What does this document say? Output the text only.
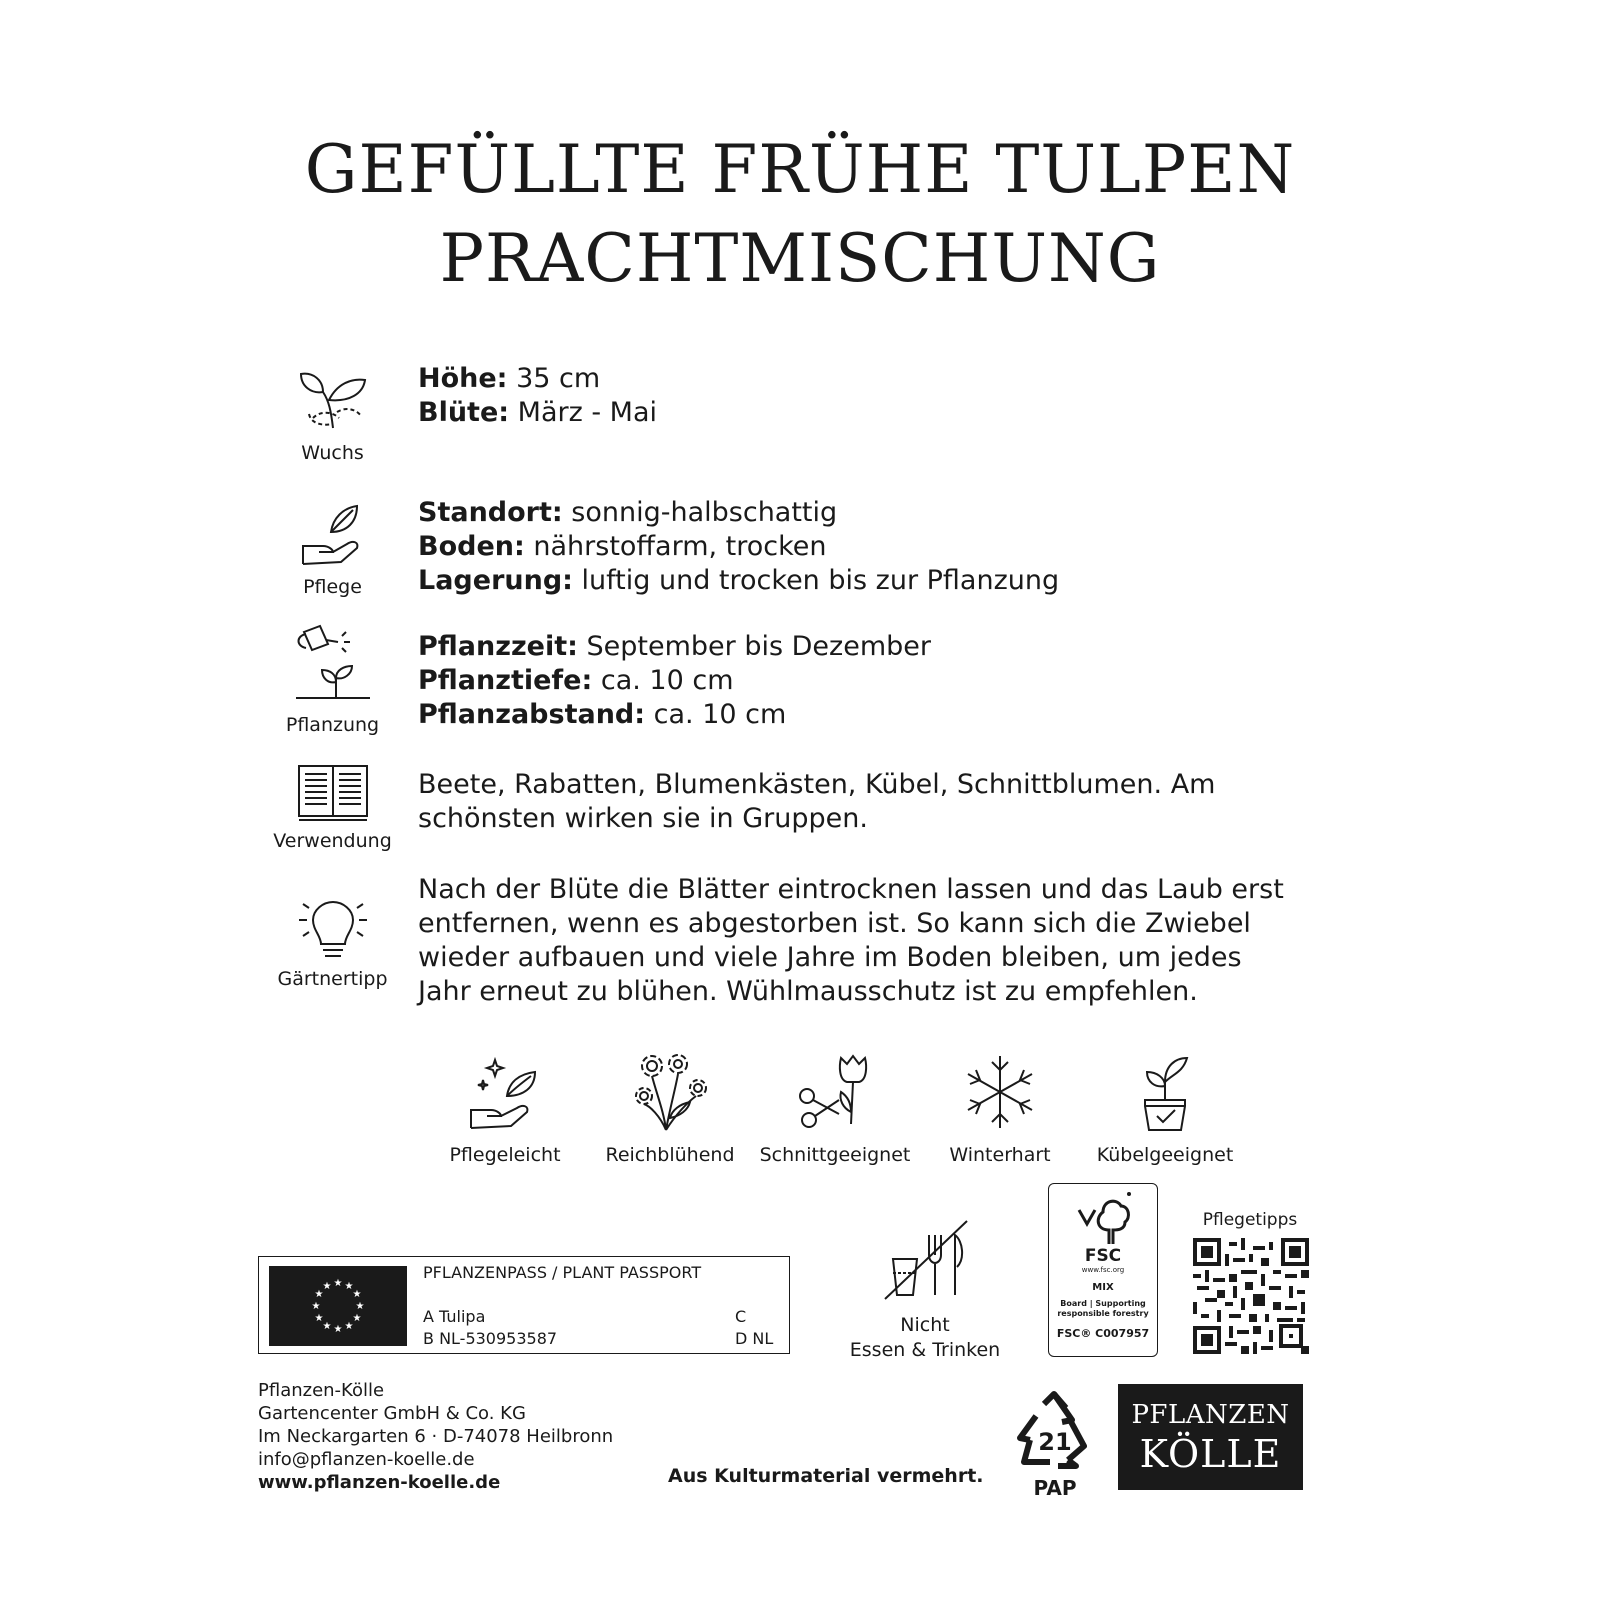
GEFÜLLTE FRÜHE TULPEN
PRACHTMISCHUNG
Wuchs
Höhe: 35 cm
Blüte: März - Mai
Pflege
Standort: sonnig-halbschattig
Boden: nährstoffarm, trocken
Lagerung: luftig und trocken bis zur Pflanzung
Pflanzung
Pflanzzeit: September bis Dezember
Pflanztiefe: ca. 10 cm
Pflanzabstand: ca. 10 cm
Verwendung
Beete, Rabatten, Blumenkästen, Kübel, Schnittblumen. Am schönsten wirken sie in Gruppen.
Gärtnertipp
Nach der Blüte die Blätter eintrocknen lassen und das Laub erst entfernen, wenn es abgestorben ist. So kann sich die Zwiebel wieder aufbauen und viele Jahre im Boden bleiben, um jedes Jahr erneut zu blühen. Wühlmausschutz ist zu empfehlen.
Pflegeleicht	Reichblühend	Schnittgeeignet	Winterhart	Kübelgeeignet
★ ★
★
★
★
★
★
★
★
★
★
★
PFLANZENPASS / PLANT PASSPORT
A Tulipa
B NL-530953587
C
D NL
Nicht
Essen & Trinken
FSC
www.fsc.org
MIX
Board | Supporting
responsible forestry
FSC® C007957
Pflegetipps
Pflanzen-Kölle
Gartencenter GmbH & Co. KG
Im Neckargarten 6 · D-74078 Heilbronn
info@pflanzen-koelle.de
www.pflanzen-koelle.de	Aus Kulturmaterial vermehrt.
21
PAP
PFLANZEN
KÖLLE
